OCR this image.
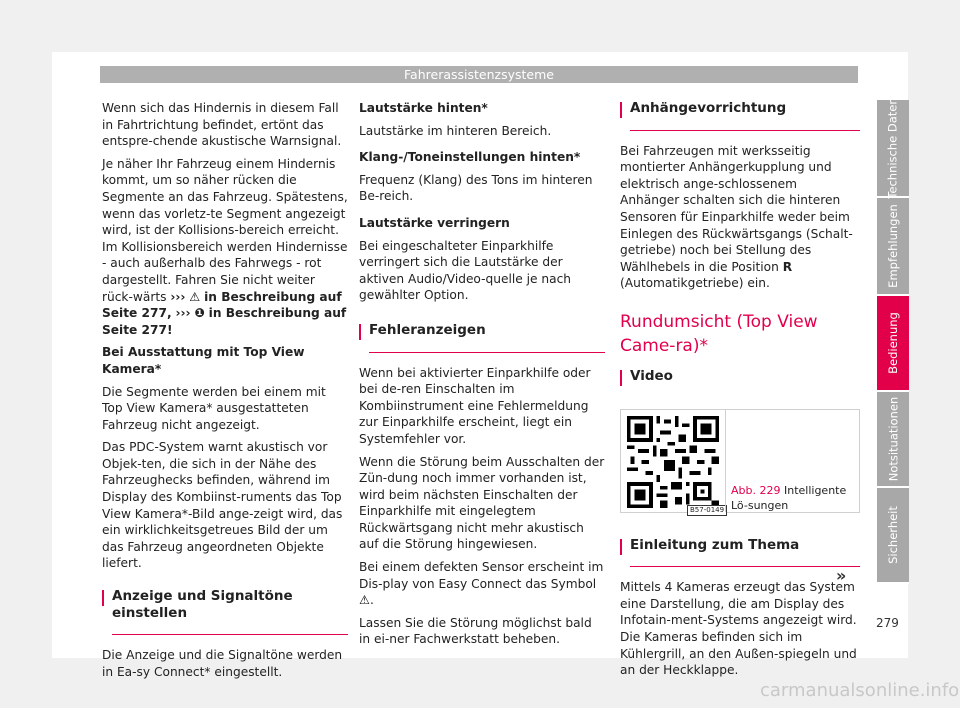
Fahrerassistenzsysteme

Wenn sich das Hindernis in diesem Fall in Fahrtrichtung befindet, ertönt das entspre-chende akustische Warnsignal.

Je näher Ihr Fahrzeug einem Hindernis kommt, um so näher rücken die Segmente an das Fahrzeug. Spätestens, wenn das vorletz-te Segment angezeigt wird, ist der Kollisions-bereich erreicht. Im Kollisionsbereich werden Hindernisse - auch außerhalb des Fahrwegs - rot dargestellt. Fahren Sie nicht weiter rück-wärts ››› ⚠ in Beschreibung auf Seite 277, ››› ❶ in Beschreibung auf Seite 277!

Bei Ausstattung mit Top View Kamera*

Die Segmente werden bei einem mit Top View Kamera* ausgestatteten Fahrzeug nicht angezeigt.

Das PDC-System warnt akustisch vor Objek-ten, die sich in der Nähe des Fahrzeughecks befinden, während im Display des Kombiinst-ruments das Top View Kamera*-Bild ange-zeigt wird, das ein wirklichkeitsgetreues Bild der um das Fahrzeug angeordneten Objekte liefert.

Anzeige und Signaltöne einstellen

Die Anzeige und die Signaltöne werden in Ea-sy Connect* eingestellt.

Lautstärke hinten*

Lautstärke im hinteren Bereich.

Klang-/Toneinstellungen hinten*

Frequenz (Klang) des Tons im hinteren Be-reich.

Lautstärke verringern

Bei eingeschalteter Einparkhilfe verringert sich die Lautstärke der aktiven Audio/Video-quelle je nach gewählter Option.

Fehleranzeigen

Wenn bei aktivierter Einparkhilfe oder bei de-ren Einschalten im Kombiinstrument eine Fehlermeldung zur Einparkhilfe erscheint, liegt ein Systemfehler vor.

Wenn die Störung beim Ausschalten der Zün-dung noch immer vorhanden ist, wird beim nächsten Einschalten der Einparkhilfe mit eingelegtem Rückwärtsgang nicht mehr akustisch auf die Störung hingewiesen.

Bei einem defekten Sensor erscheint im Dis-play von Easy Connect das Symbol ⚠.

Lassen Sie die Störung möglichst bald in ei-ner Fachwerkstatt beheben.

Anhängevorrichtung

Bei Fahrzeugen mit werksseitig montierter Anhängerkupplung und elektrisch ange-schlossenem Anhänger schalten sich die hinteren Sensoren für Einparkhilfe weder beim Einlegen des Rückwärtsgangs (Schalt-getriebe) noch bei Stellung des Wählhebels in die Position R (Automatikgetriebe) ein.

Rundumsicht (Top View Came-ra)*
Video
B57-0149
Abb. 229 Intelligente Lö-sungen
Einleitung zum Thema

Mittels 4 Kameras erzeugt das System eine Darstellung, die am Display des Infotain-ment-Systems angezeigt wird. Die Kameras befinden sich im Kühlergrill, an den Außen-spiegeln und an der Heckklappe.

»
Technische Daten
Empfehlungen
Bedienung
Notsituationen
Sicherheit
279
carmanualsonline.info
